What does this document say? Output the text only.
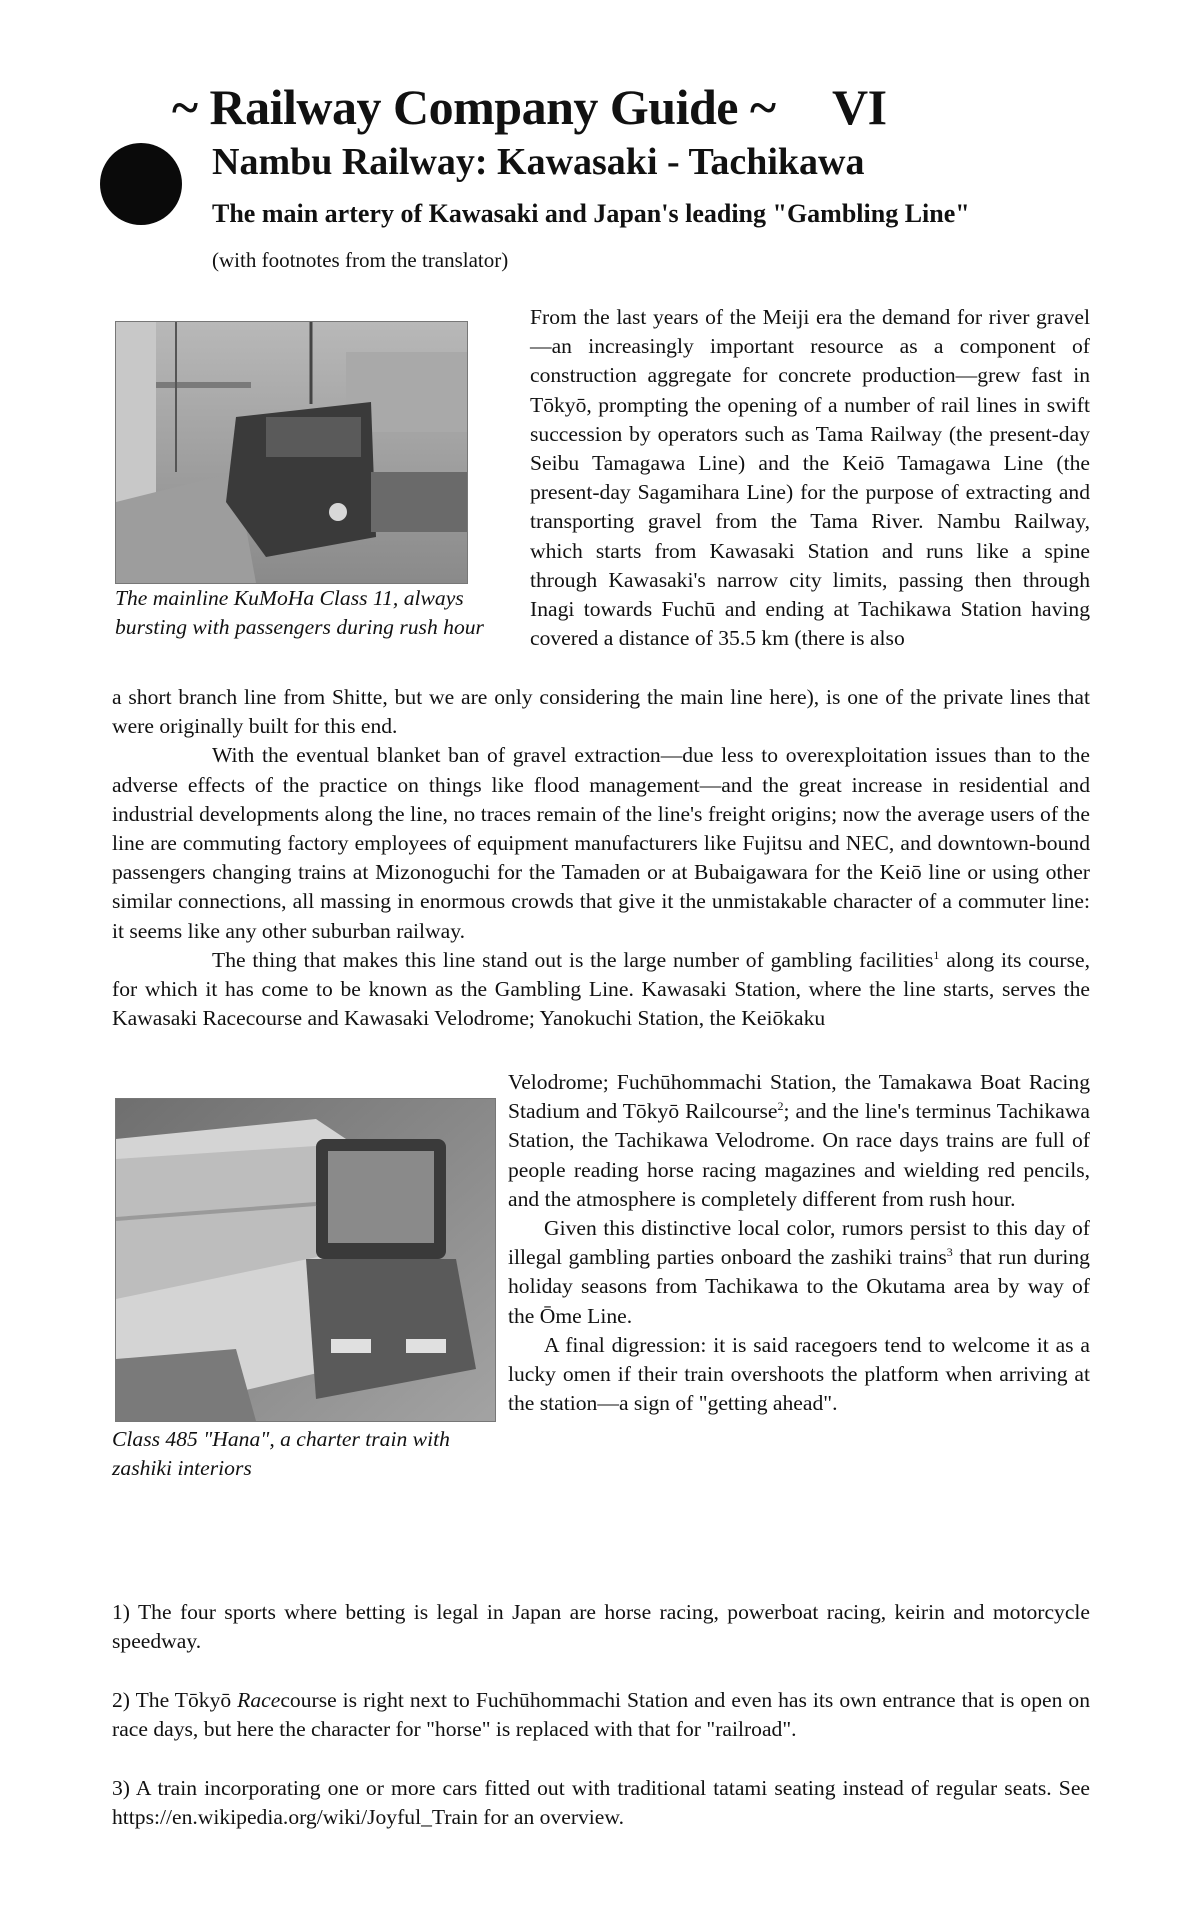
~ Railway Company Guide ~ VI
Nambu Railway: Kawasaki - Tachikawa
The main artery of Kawasaki and Japan's leading "Gambling Line"
(with footnotes from the translator)
The mainline KuMoHa Class 11, always bursting with passengers during rush hour

From the last years of the Meiji era the demand for river gravel—an increasingly important resource as a component of construction aggregate for concrete production—grew fast in Tōkyō, prompting the opening of a number of rail lines in swift succession by operators such as Tama Railway (the present-day Seibu Tamagawa Line) and the Keiō Tamagawa Line (the present-day Sagamihara Line) for the purpose of extracting and transporting gravel from the Tama River. Nambu Railway, which starts from Kawasaki Station and runs like a spine through Kawasaki's narrow city limits, passing then through Inagi towards Fuchū and ending at Tachikawa Station having covered a distance of 35.5 km (there is also

a short branch line from Shitte, but we are only considering the main line here), is one of the private lines that were originally built for this end.

With the eventual blanket ban of gravel extraction—due less to overexploitation issues than to the adverse effects of the practice on things like flood management—and the great increase in residential and industrial developments along the line, no traces remain of the line's freight origins; now the average users of the line are commuting factory employees of equipment manufacturers like Fujitsu and NEC, and downtown-bound passengers changing trains at Mizonoguchi for the Tamaden or at Bubaigawara for the Keiō line or using other similar connections, all massing in enormous crowds that give it the unmistakable character of a commuter line: it seems like any other suburban railway.

The thing that makes this line stand out is the large number of gambling facilities$^1$ along its course, for which it has come to be known as the Gambling Line. Kawasaki Station, where the line starts, serves the Kawasaki Racecourse and Kawasaki Velodrome; Yanokuchi Station, the Keiōkaku

Class 485 "Hana", a charter train with zashiki interiors

Velodrome; Fuchūhommachi Station, the Tamakawa Boat Racing Stadium and Tōkyō Railcourse$^2$; and the line's terminus Tachikawa Station, the Tachikawa Velodrome. On race days trains are full of people reading horse racing magazines and wielding red pencils, and the atmosphere is completely different from rush hour.

Given this distinctive local color, rumors persist to this day of illegal gambling parties onboard the zashiki trains$^3$ that run during holiday seasons from Tachikawa to the Okutama area by way of the Ōme Line.

A final digression: it is said racegoers tend to welcome it as a lucky omen if their train overshoots the platform when arriving at the station—a sign of "getting ahead".

1) The four sports where betting is legal in Japan are horse racing, powerboat racing, keirin and motorcycle speedway.
2) The Tōkyō Racecourse is right next to Fuchūhommachi Station and even has its own entrance that is open on race days, but here the character for "horse" is replaced with that for "railroad".
3) A train incorporating one or more cars fitted out with traditional tatami seating instead of regular seats. See https://en.wikipedia.org/wiki/Joyful_Train for an overview.
